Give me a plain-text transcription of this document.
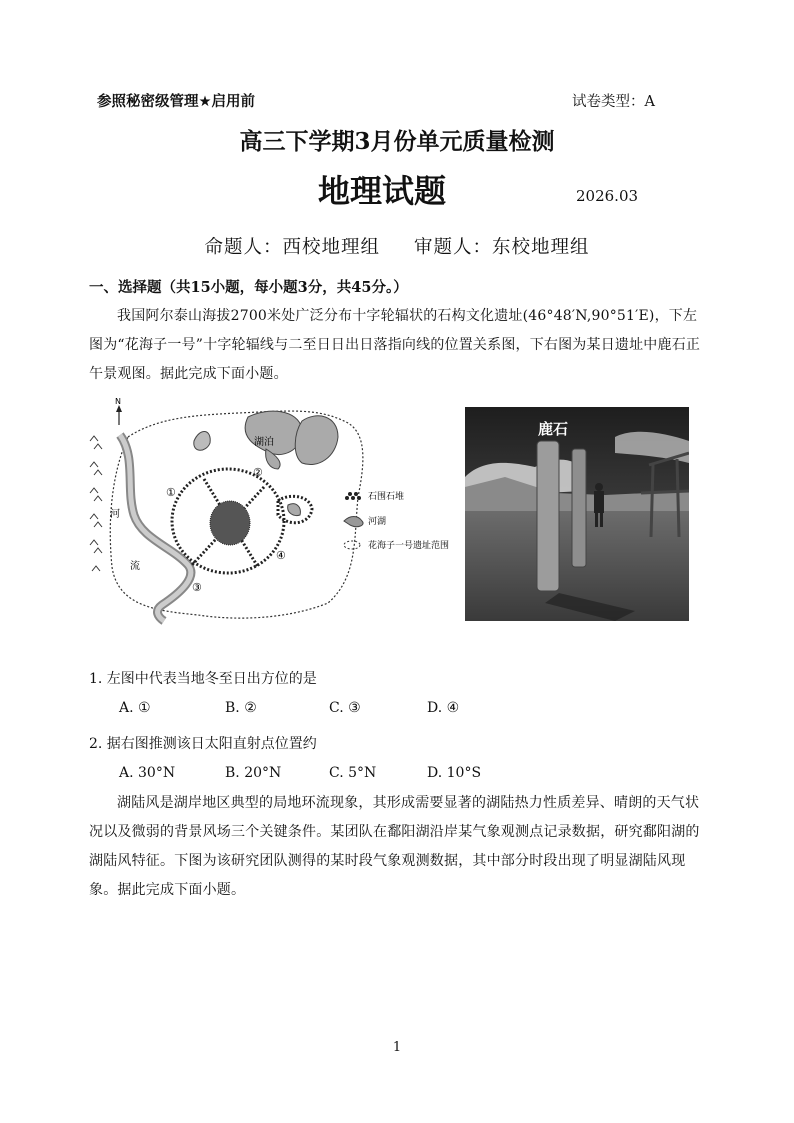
参照秘密级管理★启用前	试卷类型：A
高三下学期3月份单元质量检测
地理试题	2026.03
命题人：西校地理组 审题人：东校地理组
一、选择题（共15小题，每小题3分，共45分。）

我国阿尔泰山海拔2700米处广泛分布十字轮辐状的石构文化遗址(46°48′N,90°51′E)，下左图为“花海子一号”十字轮辐线与二至日日出日落指向线的位置关系图，下右图为某日遗址中鹿石正午景观图。据此完成下面小题。

N
湖泊
河
流
①
②
③
④
石围石堆
河湖
花海子一号遗址范围
鹿石
1. 左图中代表当地冬至日出方位的是
A. ①	B. ②	C. ③	D. ④
2. 据右图推测该日太阳直射点位置约
A. 30°N	B. 20°N	C. 5°N	D. 10°S

湖陆风是湖岸地区典型的局地环流现象，其形成需要显著的湖陆热力性质差异、晴朗的天气状况以及微弱的背景风场三个关键条件。某团队在鄱阳湖沿岸某气象观测点记录数据，研究鄱阳湖的湖陆风特征。下图为该研究团队测得的某时段气象观测数据，其中部分时段出现了明显湖陆风现象。据此完成下面小题。

1
